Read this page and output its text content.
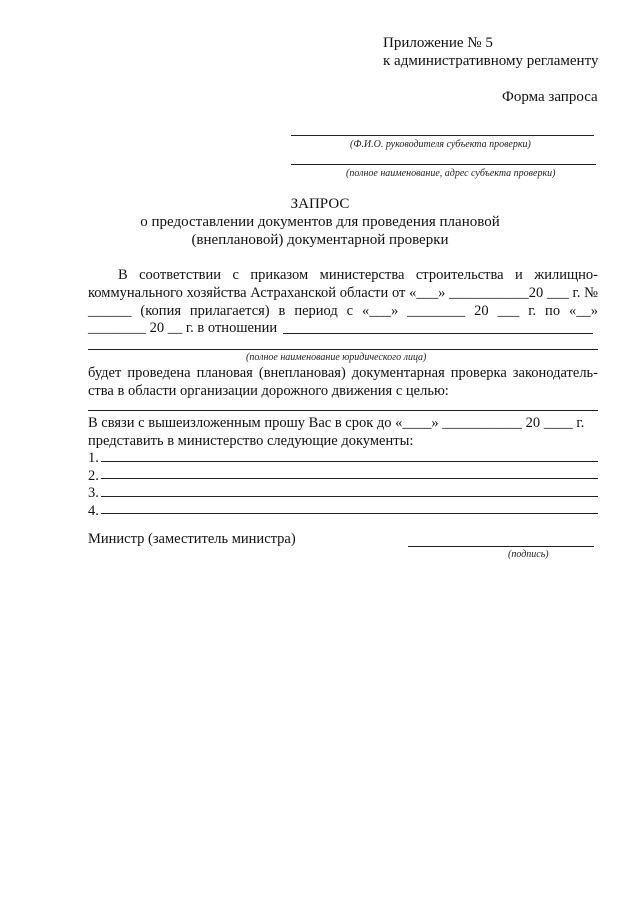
Приложение № 5
к административному регламенту
Форма запроса
(Ф.И.О. руководителя субъекта проверки)
(полное наименование, адрес субъекта проверки)
ЗАПРОС
о предоставлении документов для проведения плановой
(внеплановой) документарной проверки
В соответствии с приказом министерства строительства и жилищно-
коммунального хозяйства Астраханской области от «___» ___________20 ___ г. №
______ (копия прилагается) в период с «___» ________ 20 ___ г. по «__»
________ 20 __ г. в отношении
(полное наименование юридического лица)
будет проведена плановая (внеплановая) документарная проверка законодатель-
ства в области организации дорожного движения с целью:
В связи с вышеизложенным прошу Вас в срок до «____» ___________ 20 ____ г.
представить в министерство следующие документы:
1.
2.
3.
4.
Министр (заместитель министра)
(подпись)
